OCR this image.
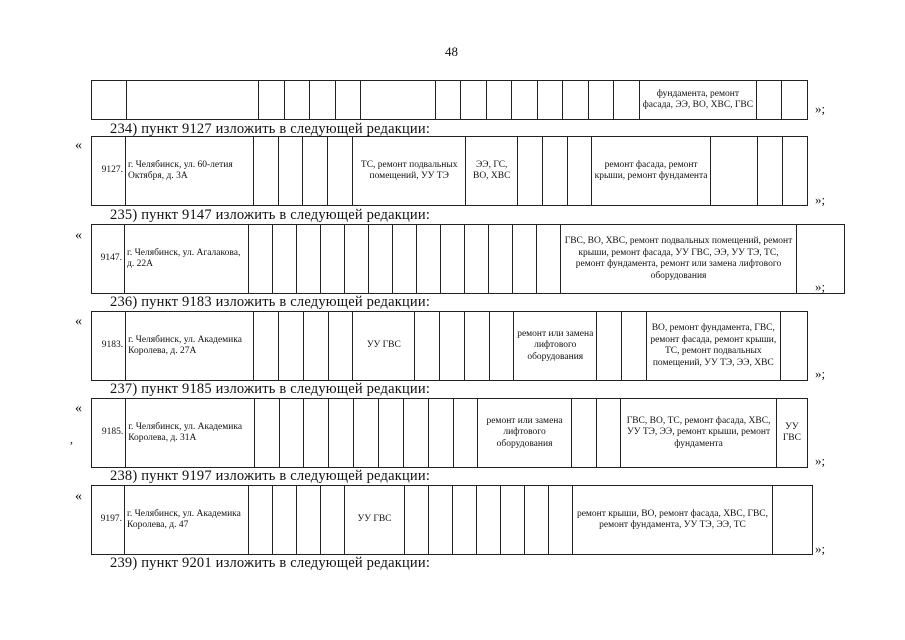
48
															фундамента, ремонт фасада, ЭЭ, ВО, ХВС, ГВС			»;
234) пункт 9127 изложить в следующей редакции:
«
9127.	г. Челябинск, ул. 60-летия Октября, д. 3А					ТС, ремонт подвальных помещений, УУ ТЭ	ЭЭ, ГС, ВО, ХВС				ремонт фасада, ремонт крыши, ремонт фундамента			
»;
235) пункт 9147 изложить в следующей редакции:
«
9147.	г. Челябинск, ул. Агалакова, д. 22А														ГВС, ВО, ХВС, ремонт подвальных помещений, ремонт крыши, ремонт фасада, УУ ГВС, ЭЭ, УУ ТЭ, ТС, ремонт фундамента, ремонт или замена лифтового оборудования	
»;
236) пункт 9183 изложить в следующей редакции:
«
9183.	г. Челябинск, ул. Академика Королева, д. 27А					УУ ГВС					ремонт или замена лифтового оборудования			ВО, ремонт фундамента, ГВС, ремонт фасада, ремонт крыши, ТС, ремонт подвальных помещений, УУ ТЭ, ЭЭ, ХВС	
»;
237) пункт 9185 изложить в следующей редакции:
«
,	9185.	г. Челябинск, ул. Академика Королева, д. 31А										ремонт или замена лифтового оборудования			ГВС, ВО, ТС, ремонт фасада, ХВС, УУ ТЭ, ЭЭ, ремонт крыши, ремонт фундамента	УУ ГВС
»;
238) пункт 9197 изложить в следующей редакции:
«
9197.	г. Челябинск, ул. Академика Королева, д. 47					УУ ГВС								ремонт крыши, ВО, ремонт фасада, ХВС, ГВС, ремонт фундамента, УУ ТЭ, ЭЭ, ТС	
»;
239) пункт 9201 изложить в следующей редакции:
